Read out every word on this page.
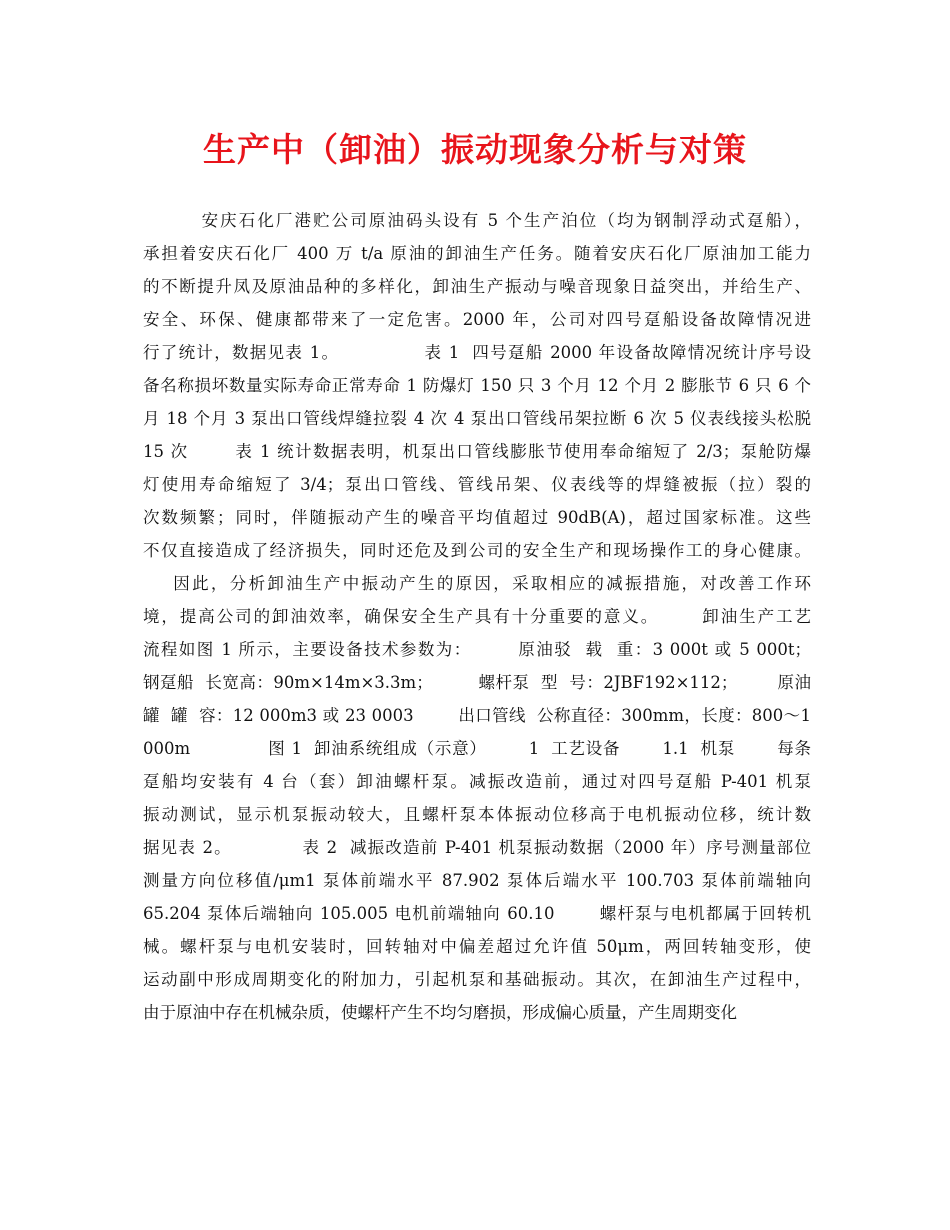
生产中（卸油）振动现象分析与对策
安庆石化厂港贮公司原油码头设有 5 个生产泊位（均为钢制浮动式趸船），
承担着安庆石化厂 400 万 t/a 原油的卸油生产任务。随着安庆石化厂原油加工能力
的不断提升凤及原油品种的多样化，卸油生产振动与噪音现象日益突出，并给生产、
安全、环保、健康都带来了一定危害。2000 年，公司对四号趸船设备故障情况进
行了统计，数据见表 1。             表 1  四号趸船 2000 年设备故障情况统计序号设
备名称损坏数量实际寿命正常寿命 1 防爆灯 150 只 3 个月 12 个月 2 膨胀节 6 只 6 个
月 18 个月 3 泵出口管线焊缝拉裂 4 次 4 泵出口管线吊架拉断 6 次 5 仪表线接头松脱
15 次       表 1 统计数据表明，机泵出口管线膨胀节使用奉命缩短了 2/3；泵舱防爆
灯使用寿命缩短了 3/4；泵出口管线、管线吊架、仪表线等的焊缝被振（拉）裂的
次数频繁；同时，伴随振动产生的噪音平均值超过 90dB(A)，超过国家标准。这些
不仅直接造成了经济损失，同时还危及到公司的安全生产和现场操作工的身心健康。
因此，分析卸油生产中振动产生的原因，采取相应的减振措施，对改善工作环
境，提高公司的卸油效率，确保安全生产具有十分重要的意义。      卸油生产工艺
流程如图 1 所示，主要设备技术参数为：       原油驳  载  重：3 000t 或 5 000t；
钢趸船  长宽高：90m×14m×3.3m；        螺杆泵  型  号：2JBF192×112；       原油
罐  罐  容：12 000m3 或 23 0003        出口管线  公称直径：300mm，长度：800～1
000m             图 1  卸油系统组成（示意）       1  工艺设备       1.1  机泵       每条
趸船均安装有 4 台（套）卸油螺杆泵。减振改造前，通过对四号趸船 P-401 机泵
振动测试，显示机泵振动较大，且螺杆泵本体振动位移高于电机振动位移，统计数
据见表 2。           表 2  减振改造前 P-401 机泵振动数据（2000 年）序号测量部位
测量方向位移值/μm1 泵体前端水平 87.902 泵体后端水平 100.703 泵体前端轴向
65.204 泵体后端轴向 105.005 电机前端轴向 60.10       螺杆泵与电机都属于回转机
械。螺杆泵与电机安装时，回转轴对中偏差超过允许值 50μm，两回转轴变形，使
运动副中形成周期变化的附加力，引起机泵和基础振动。其次，在卸油生产过程中，
由于原油中存在机械杂质，使螺杆产生不均匀磨损，形成偏心质量，产生周期变化
